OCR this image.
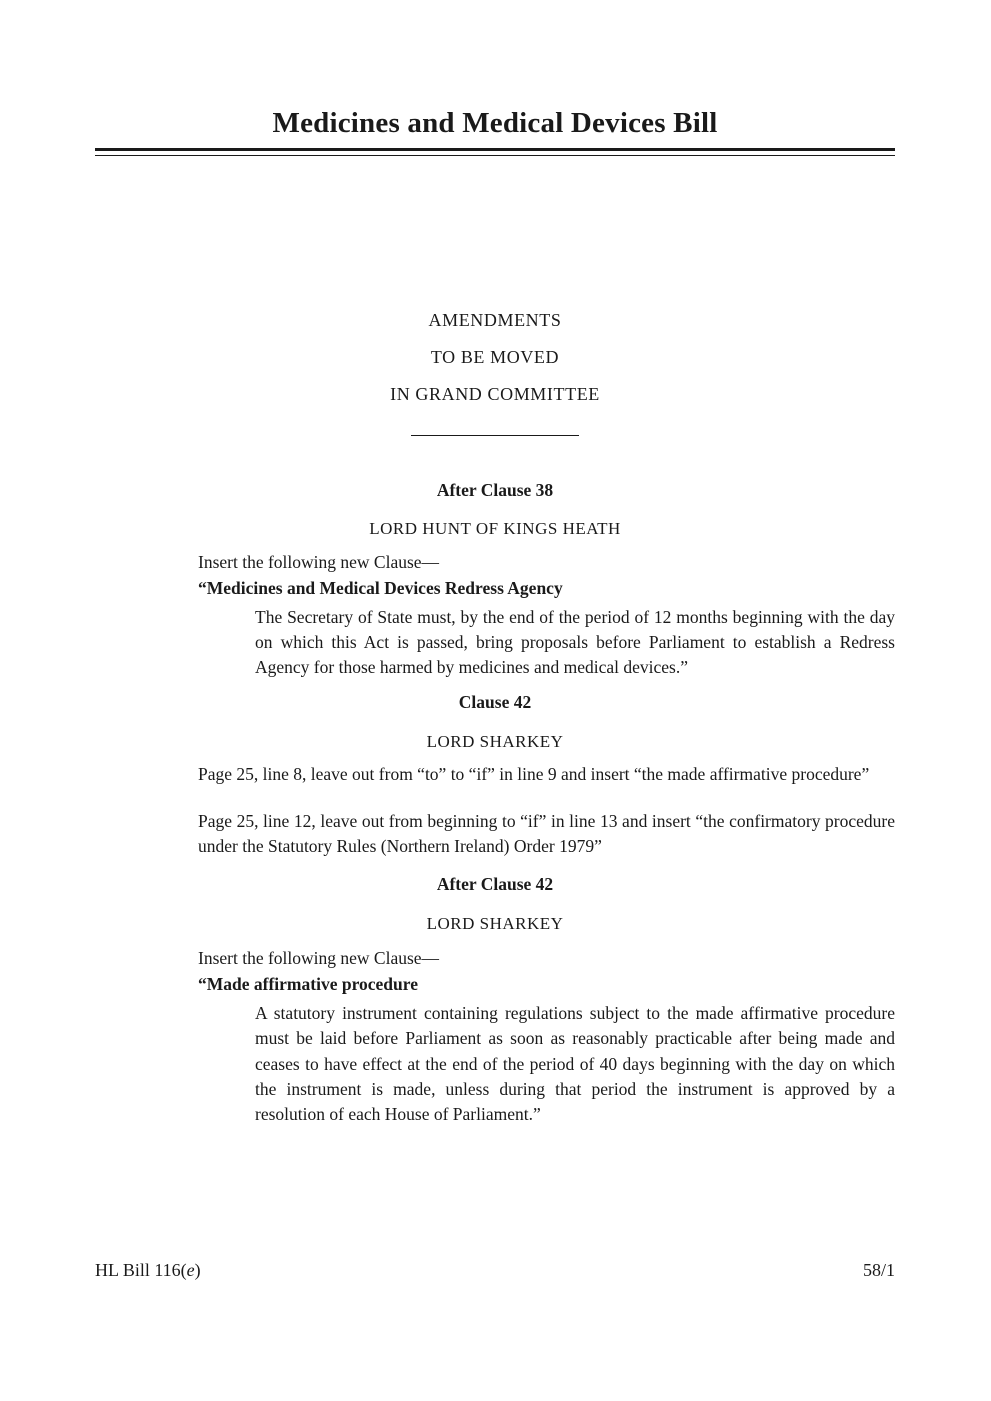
Medicines and Medical Devices Bill
AMENDMENTS
TO BE MOVED
IN GRAND COMMITTEE
After Clause 38
LORD HUNT OF KINGS HEATH
Insert the following new Clause—
“Medicines and Medical Devices Redress Agency
The Secretary of State must, by the end of the period of 12 months beginning with the day on which this Act is passed, bring proposals before Parliament to establish a Redress Agency for those harmed by medicines and medical devices.”
Clause 42
LORD SHARKEY
Page 25, line 8, leave out from “to” to “if” in line 9 and insert “the made affirmative procedure”
Page 25, line 12, leave out from beginning to “if” in line 13 and insert “the confirmatory procedure under the Statutory Rules (Northern Ireland) Order 1979”
After Clause 42
LORD SHARKEY
Insert the following new Clause—
“Made affirmative procedure
A statutory instrument containing regulations subject to the made affirmative procedure must be laid before Parliament as soon as reasonably practicable after being made and ceases to have effect at the end of the period of 40 days beginning with the day on which the instrument is made, unless during that period the instrument is approved by a resolution of each House of Parliament.”
HL Bill 116(e)	58/1
